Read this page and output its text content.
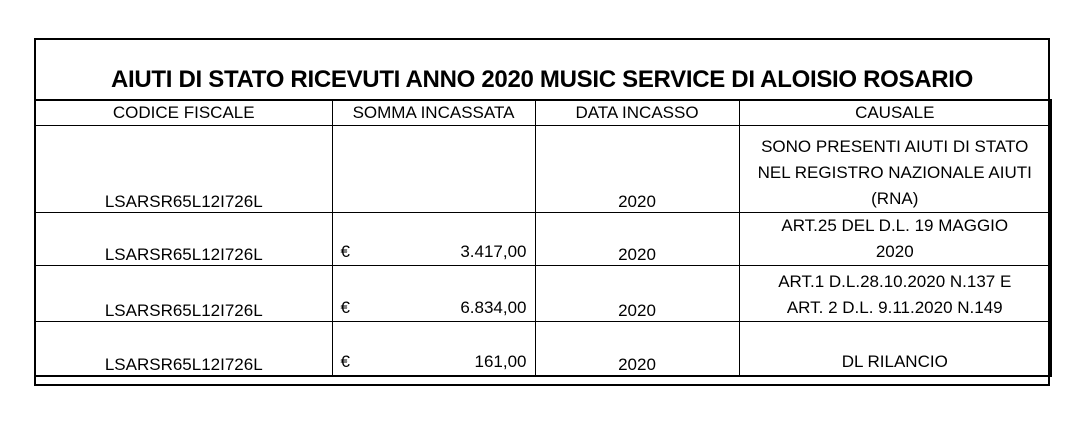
AIUTI DI STATO RICEVUTI ANNO 2020 MUSIC SERVICE DI ALOISIO ROSARIO
CODICE FISCALE	SOMMA INCASSATA	DATA INCASSO	CAUSALE
LSARSR65L12I726L		2020	SONO PRESENTI AIUTI DI STATO
NEL REGISTRO NAZIONALE AIUTI
(RNA)

LSARSR65L12I726L	€ 3.417,00	2020	ART.25 DEL D.L. 19 MAGGIO
2020

LSARSR65L12I726L	€ 6.834,00	2020	ART.1 D.L.28.10.2020 N.137 E
ART. 2 D.L. 9.11.2020 N.149

LSARSR65L12I726L	€ 161,00	2020	DL RILANCIO
